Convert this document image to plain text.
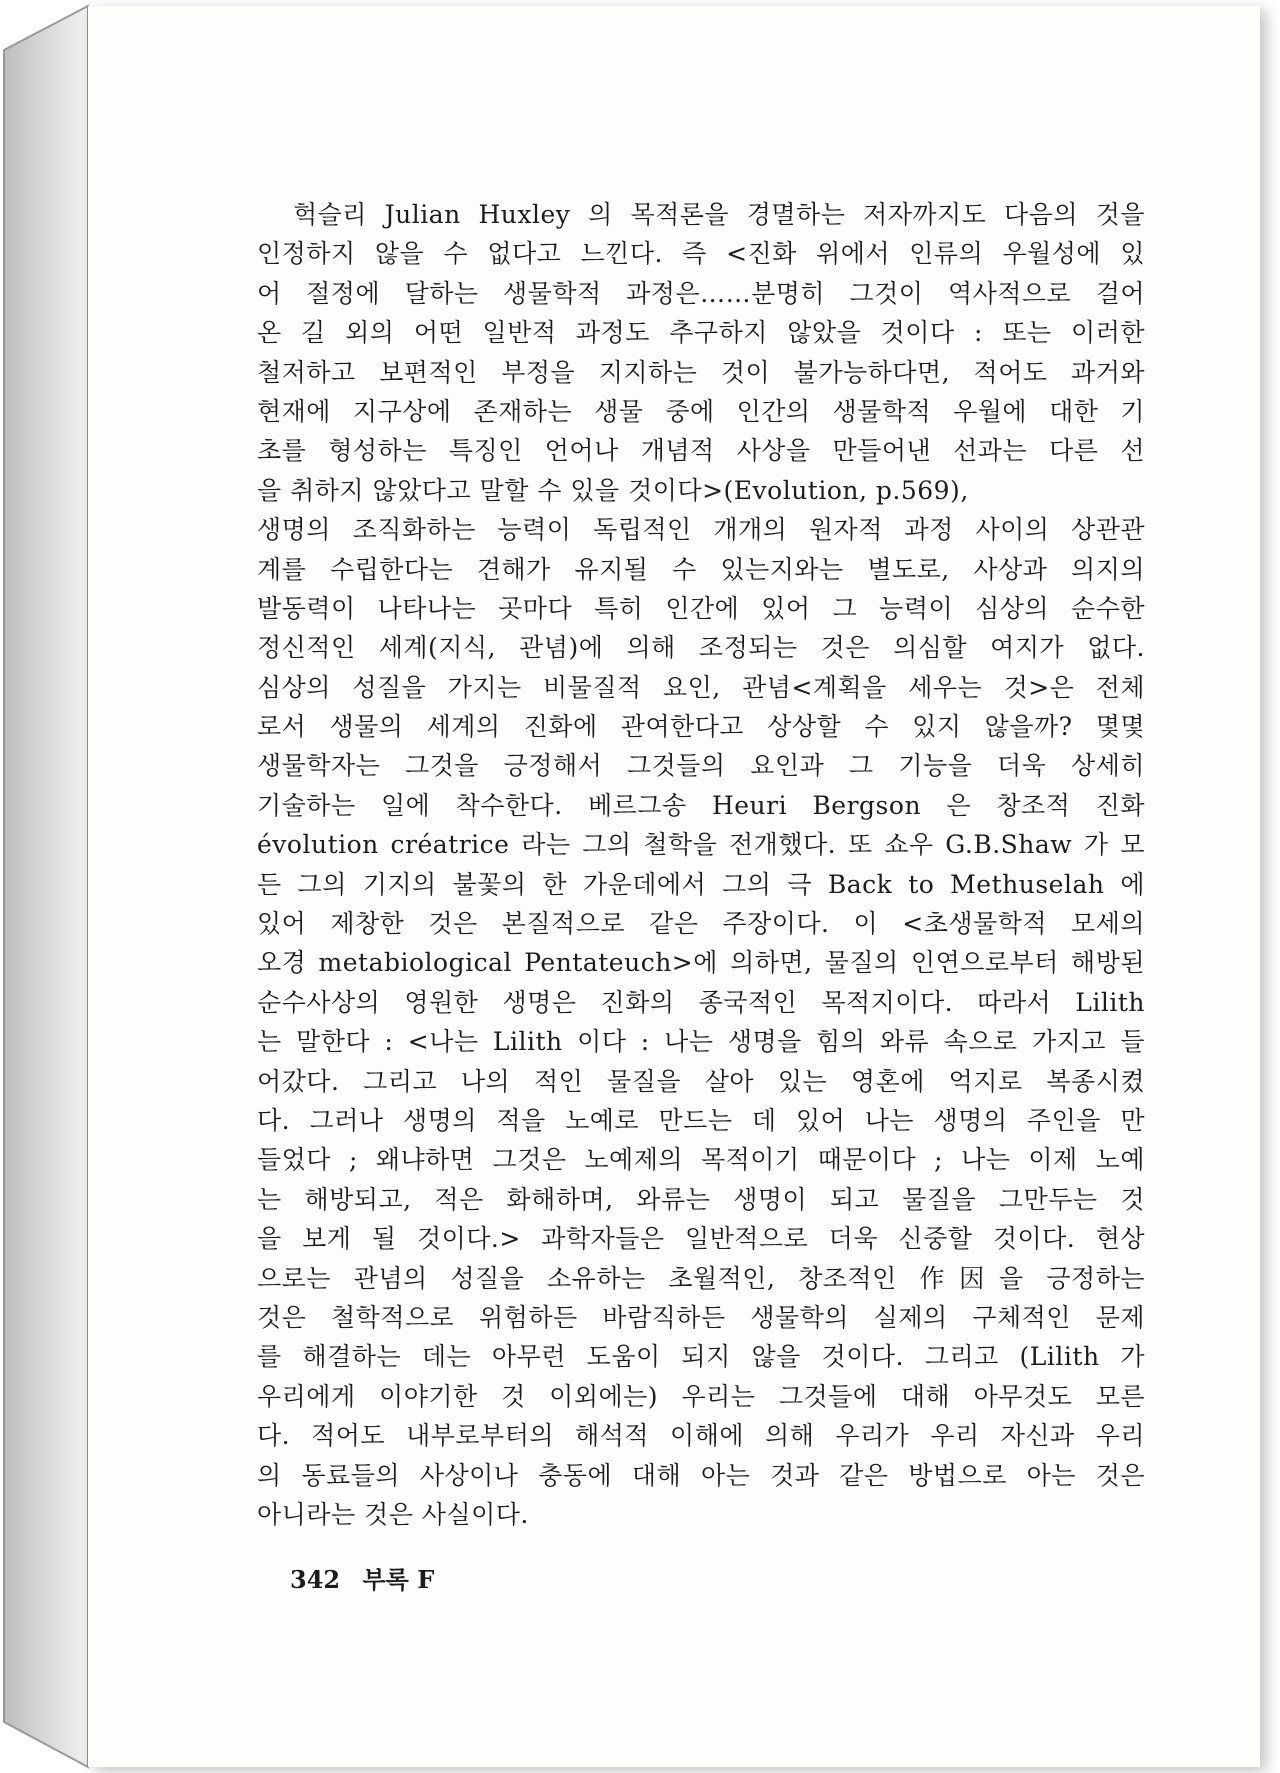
헉슬리 Julian Huxley 의 목적론을 경멸하는 저자까지도 다음의 것을
인정하지 않을 수 없다고 느낀다. 즉 <진화 위에서 인류의 우월성에 있
어 절정에 달하는 생물학적 과정은……분명히 그것이 역사적으로 걸어
온 길 외의 어떤 일반적 과정도 추구하지 않았을 것이다 : 또는 이러한
철저하고 보편적인 부정을 지지하는 것이 불가능하다면, 적어도 과거와
현재에 지구상에 존재하는 생물 중에 인간의 생물학적 우월에 대한 기
초를 형성하는 특징인 언어나 개념적 사상을 만들어낸 선과는 다른 선
을 취하지 않았다고 말할 수 있을 것이다>(Evolution, p.569),
생명의 조직화하는 능력이 독립적인 개개의 원자적 과정 사이의 상관관
계를 수립한다는 견해가 유지될 수 있는지와는 별도로, 사상과 의지의
발동력이 나타나는 곳마다 특히 인간에 있어 그 능력이 심상의 순수한
정신적인 세계(지식, 관념)에 의해 조정되는 것은 의심할 여지가 없다.
심상의 성질을 가지는 비물질적 요인, 관념<계획을 세우는 것>은 전체
로서 생물의 세계의 진화에 관여한다고 상상할 수 있지 않을까? 몇몇
생물학자는 그것을 긍정해서 그것들의 요인과 그 기능을 더욱 상세히
기술하는 일에 착수한다. 베르그송 Heuri Bergson 은 창조적 진화
évolution créatrice 라는 그의 철학을 전개했다. 또 쇼우 G.B.Shaw 가 모
든 그의 기지의 불꽃의 한 가운데에서 그의 극 Back to Methuselah 에
있어 제창한 것은 본질적으로 같은 주장이다. 이 <초생물학적 모세의
오경 metabiological Pentateuch>에 의하면, 물질의 인연으로부터 해방된
순수사상의 영원한 생명은 진화의 종국적인 목적지이다. 따라서 Lilith
는 말한다 : <나는 Lilith 이다 : 나는 생명을 힘의 와류 속으로 가지고 들
어갔다. 그리고 나의 적인 물질을 살아 있는 영혼에 억지로 복종시켰
다. 그러나 생명의 적을 노예로 만드는 데 있어 나는 생명의 주인을 만
들었다 ; 왜냐하면 그것은 노예제의 목적이기 때문이다 ; 나는 이제 노예
는 해방되고, 적은 화해하며, 와류는 생명이 되고 물질을 그만두는 것
을 보게 될 것이다.> 과학자들은 일반적으로 더욱 신중할 것이다. 현상
으로는 관념의 성질을 소유하는 초월적인, 창조적인 作因을 긍정하는
것은 철학적으로 위험하든 바람직하든 생물학의 실제의 구체적인 문제
를 해결하는 데는 아무런 도움이 되지 않을 것이다. 그리고 (Lilith 가
우리에게 이야기한 것 이외에는) 우리는 그것들에 대해 아무것도 모른
다. 적어도 내부로부터의 해석적 이해에 의해 우리가 우리 자신과 우리
의 동료들의 사상이나 충동에 대해 아는 것과 같은 방법으로 아는 것은
아니라는 것은 사실이다.
342 부록 F
